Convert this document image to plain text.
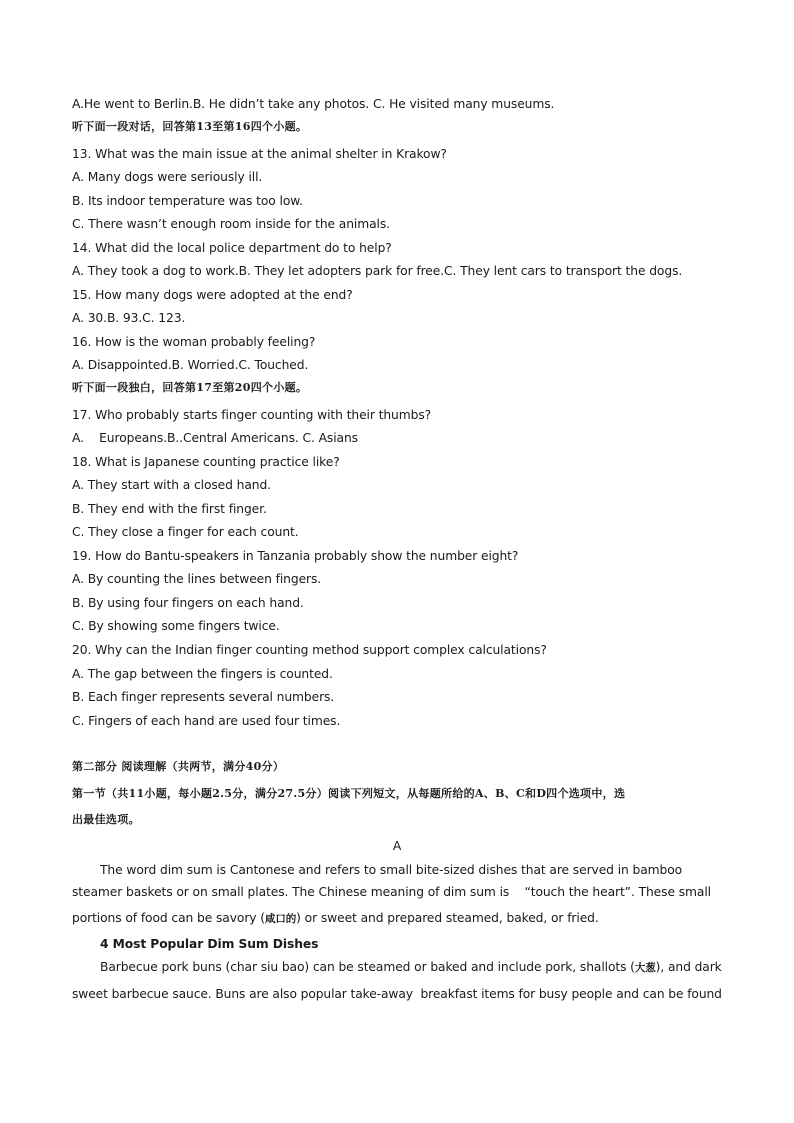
A.He went to Berlin.B. He didn’t take any photos. C. He visited many museums.
听下面一段对话，回答第13至第16四个小题。
13. What was the main issue at the animal shelter in Krakow?
A. Many dogs were seriously ill.
B. Its indoor temperature was too low.
C. There wasn’t enough room inside for the animals.
14. What did the local police department do to help?
A. They took a dog to work.B. They let adopters park for free.C. They lent cars to transport the dogs.
15. How many dogs were adopted at the end?
A. 30.B. 93.C. 123.
16. How is the woman probably feeling?
A. Disappointed.B. Worried.C. Touched.
听下面一段独白，回答第17至第20四个小题。
17. Who probably starts finger counting with their thumbs?
A.    Europeans.B..Central Americans. C. Asians
18. What is Japanese counting practice like?
A. They start with a closed hand.
B. They end with the first finger.
C. They close a finger for each count.
19. How do Bantu-speakers in Tanzania probably show the number eight?
A. By counting the lines between fingers.
B. By using four fingers on each hand.
C. By showing some fingers twice.
20. Why can the Indian finger counting method support complex calculations?
A. The gap between the fingers is counted.
B. Each finger represents several numbers.
C. Fingers of each hand are used four times.
第二部分 阅读理解（共两节，满分40分）
第一节（共11小题，每小题2.5分，满分27.5分）阅读下列短文，从每题所给的A、B、C和D四个选项中，选
出最佳选项。
A
The word dim sum is Cantonese and refers to small bite-sized dishes that are served in bamboo
steamer baskets or on small plates. The Chinese meaning of dim sum is    “touch the heart”. These small
portions of food can be savory (咸口的) or sweet and prepared steamed, baked, or fried.
4 Most Popular Dim Sum Dishes
Barbecue pork buns (char siu bao) can be steamed or baked and include pork, shallots (大葱), and dark
sweet barbecue sauce. Buns are also popular take-away  breakfast items for busy people and can be found
